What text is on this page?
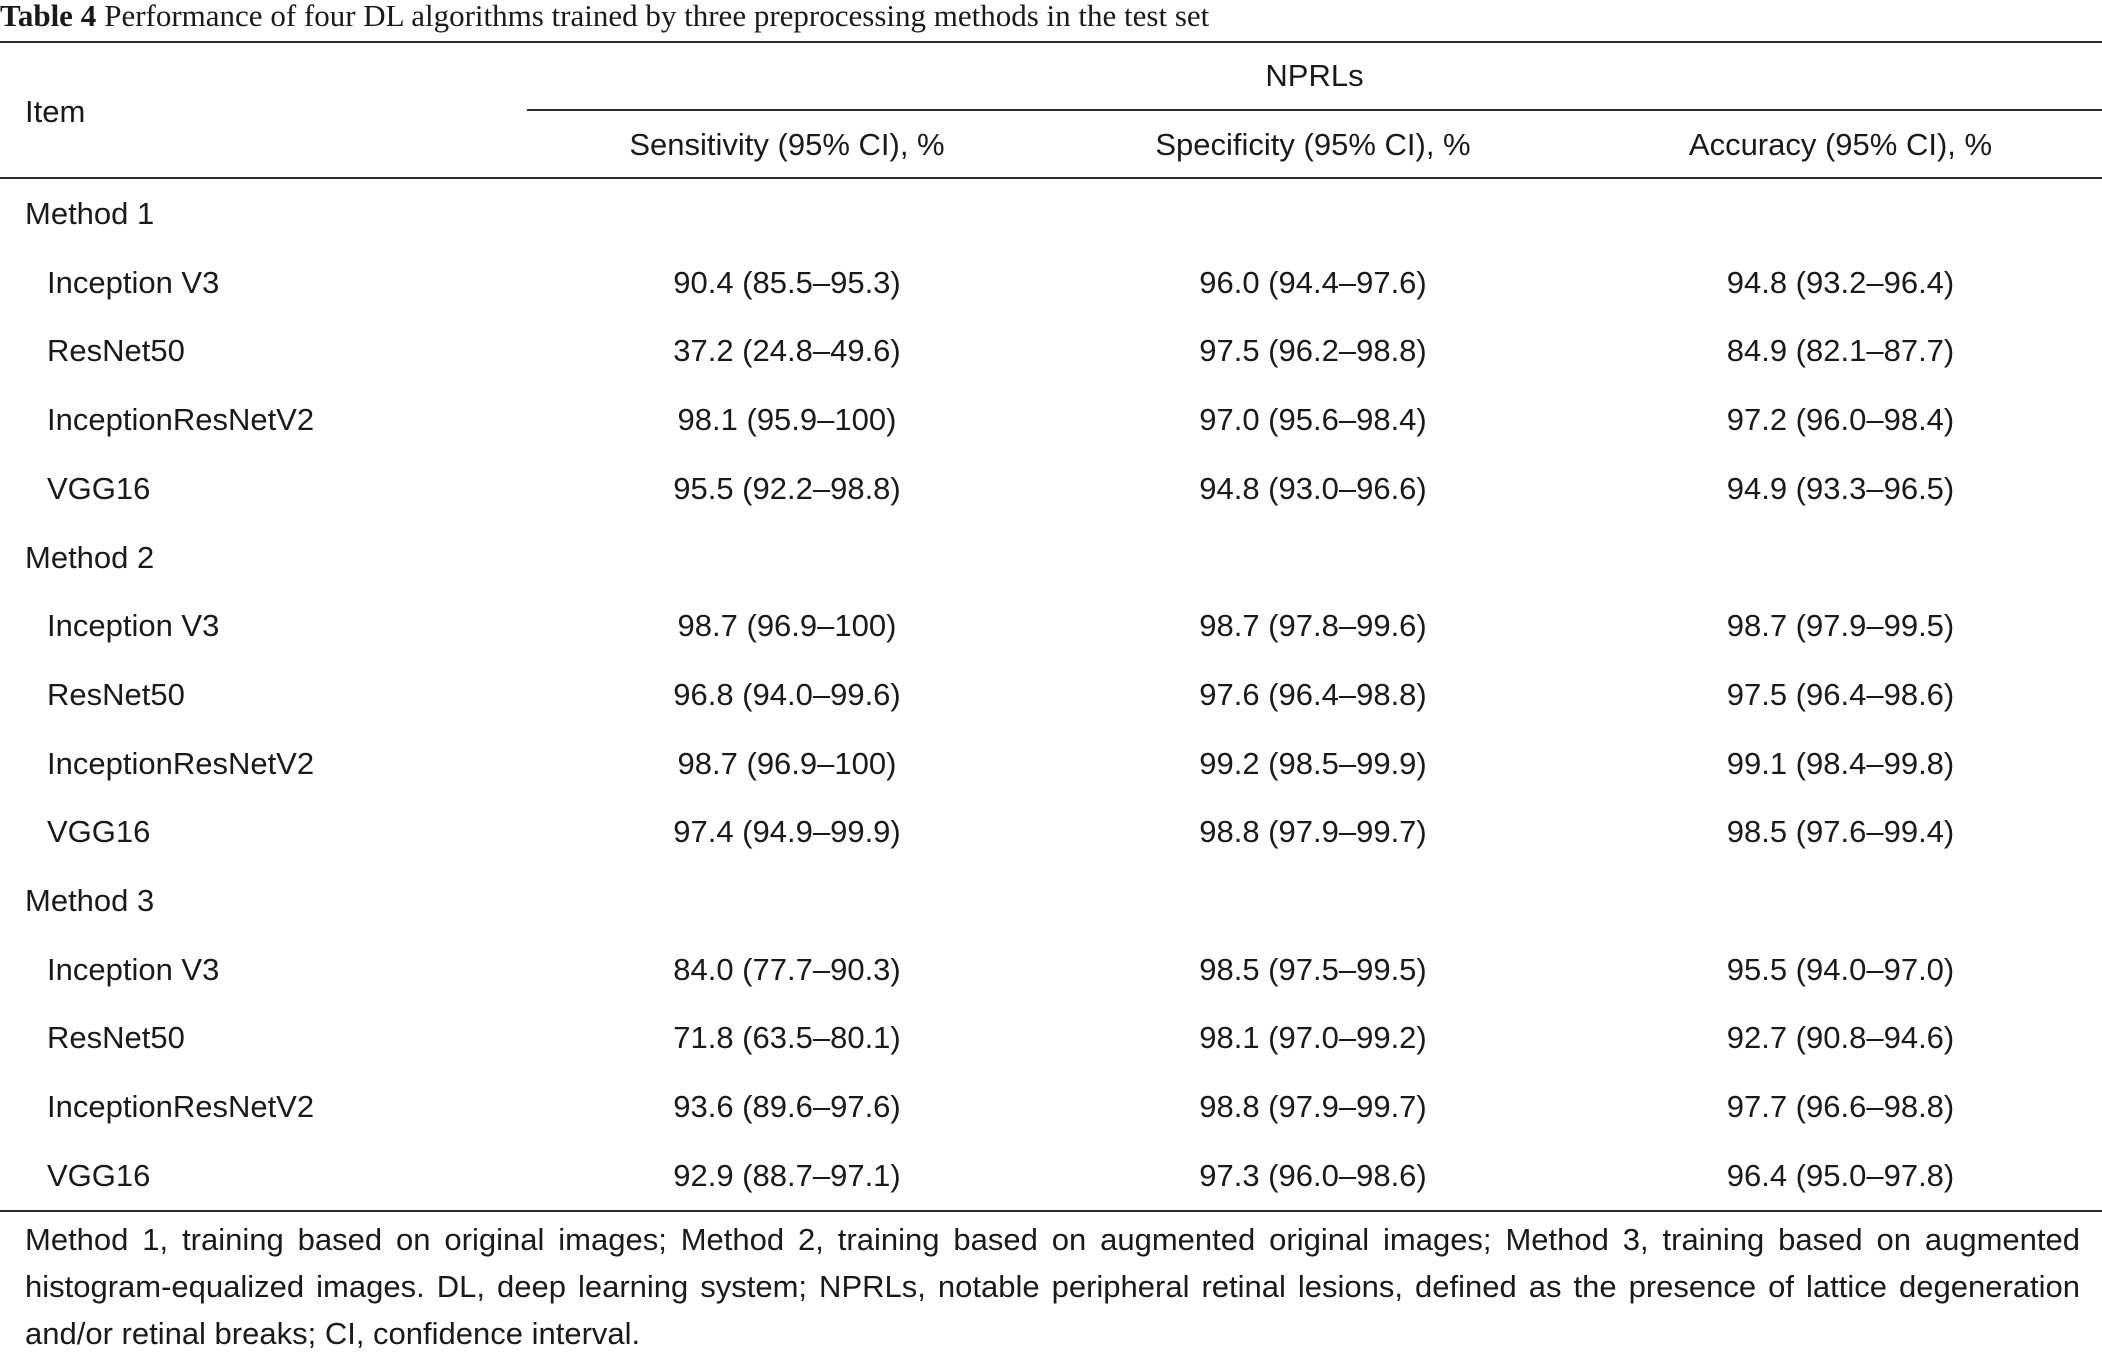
Table 4 Performance of four DL algorithms trained by three preprocessing methods in the test set
Item
NPRLs
Sensitivity (95% CI), %	Specificity (95% CI), %	Accuracy (95% CI), %
Method 1
Inception V3	90.4 (85.5–95.3)	96.0 (94.4–97.6)	94.8 (93.2–96.4)
ResNet50	37.2 (24.8–49.6)	97.5 (96.2–98.8)	84.9 (82.1–87.7)
InceptionResNetV2	98.1 (95.9–100)	97.0 (95.6–98.4)	97.2 (96.0–98.4)
VGG16	95.5 (92.2–98.8)	94.8 (93.0–96.6)	94.9 (93.3–96.5)
Method 2
Inception V3	98.7 (96.9–100)	98.7 (97.8–99.6)	98.7 (97.9–99.5)
ResNet50	96.8 (94.0–99.6)	97.6 (96.4–98.8)	97.5 (96.4–98.6)
InceptionResNetV2	98.7 (96.9–100)	99.2 (98.5–99.9)	99.1 (98.4–99.8)
VGG16	97.4 (94.9–99.9)	98.8 (97.9–99.7)	98.5 (97.6–99.4)
Method 3
Inception V3	84.0 (77.7–90.3)	98.5 (97.5–99.5)	95.5 (94.0–97.0)
ResNet50	71.8 (63.5–80.1)	98.1 (97.0–99.2)	92.7 (90.8–94.6)
InceptionResNetV2	93.6 (89.6–97.6)	98.8 (97.9–99.7)	97.7 (96.6–98.8)
VGG16	92.9 (88.7–97.1)	97.3 (96.0–98.6)	96.4 (95.0–97.8)
Method 1, training based on original images; Method 2, training based on augmented original images; Method 3, training based on augmented histogram-equalized images. DL, deep learning system; NPRLs, notable peripheral retinal lesions, defined as the presence of lattice degeneration and/or retinal breaks; CI, confidence interval.
